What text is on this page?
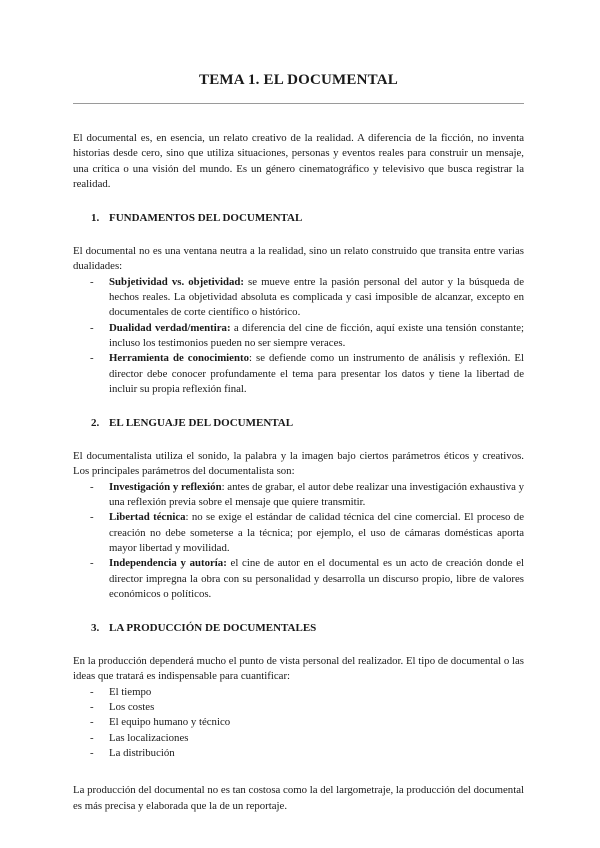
TEMA 1. EL DOCUMENTAL

El documental es, en esencia, un relato creativo de la realidad. A diferencia de la ficción, no inventa historias desde cero, sino que utiliza situaciones, personas y eventos reales para construir un mensaje, una crítica o una visión del mundo. Es un género cinematográfico y televisivo que busca registrar la realidad.

1. FUNDAMENTOS DEL DOCUMENTAL

El documental no es una ventana neutra a la realidad, sino un relato construido que transita entre varias dualidades:

- Subjetividad vs. objetividad: se mueve entre la pasión personal del autor y la búsqueda de hechos reales. La objetividad absoluta es complicada y casi imposible de alcanzar, excepto en documentales de corte científico o histórico.
- Dualidad verdad/mentira: a diferencia del cine de ficción, aquí existe una tensión constante; incluso los testimonios pueden no ser siempre veraces.
- Herramienta de conocimiento: se defiende como un instrumento de análisis y reflexión. El director debe conocer profundamente el tema para presentar los datos y tiene la libertad de incluir su propia reflexión final.
2. EL LENGUAJE DEL DOCUMENTAL

El documentalista utiliza el sonido, la palabra y la imagen bajo ciertos parámetros éticos y creativos. Los principales parámetros del documentalista son:

- Investigación y reflexión: antes de grabar, el autor debe realizar una investigación exhaustiva y una reflexión previa sobre el mensaje que quiere transmitir.
- Libertad técnica: no se exige el estándar de calidad técnica del cine comercial. El proceso de creación no debe someterse a la técnica; por ejemplo, el uso de cámaras domésticas aporta mayor libertad y movilidad.
- Independencia y autoría: el cine de autor en el documental es un acto de creación donde el director impregna la obra con su personalidad y desarrolla un discurso propio, libre de valores económicos o políticos.
3. LA PRODUCCIÓN DE DOCUMENTALES

En la producción dependerá mucho el punto de vista personal del realizador. El tipo de documental o las ideas que tratará es indispensable para cuantificar:

- El tiempo
- Los costes
- El equipo humano y técnico
- Las localizaciones
- La distribución

La producción del documental no es tan costosa como la del largometraje, la producción del documental es más precisa y elaborada que la de un reportaje.
